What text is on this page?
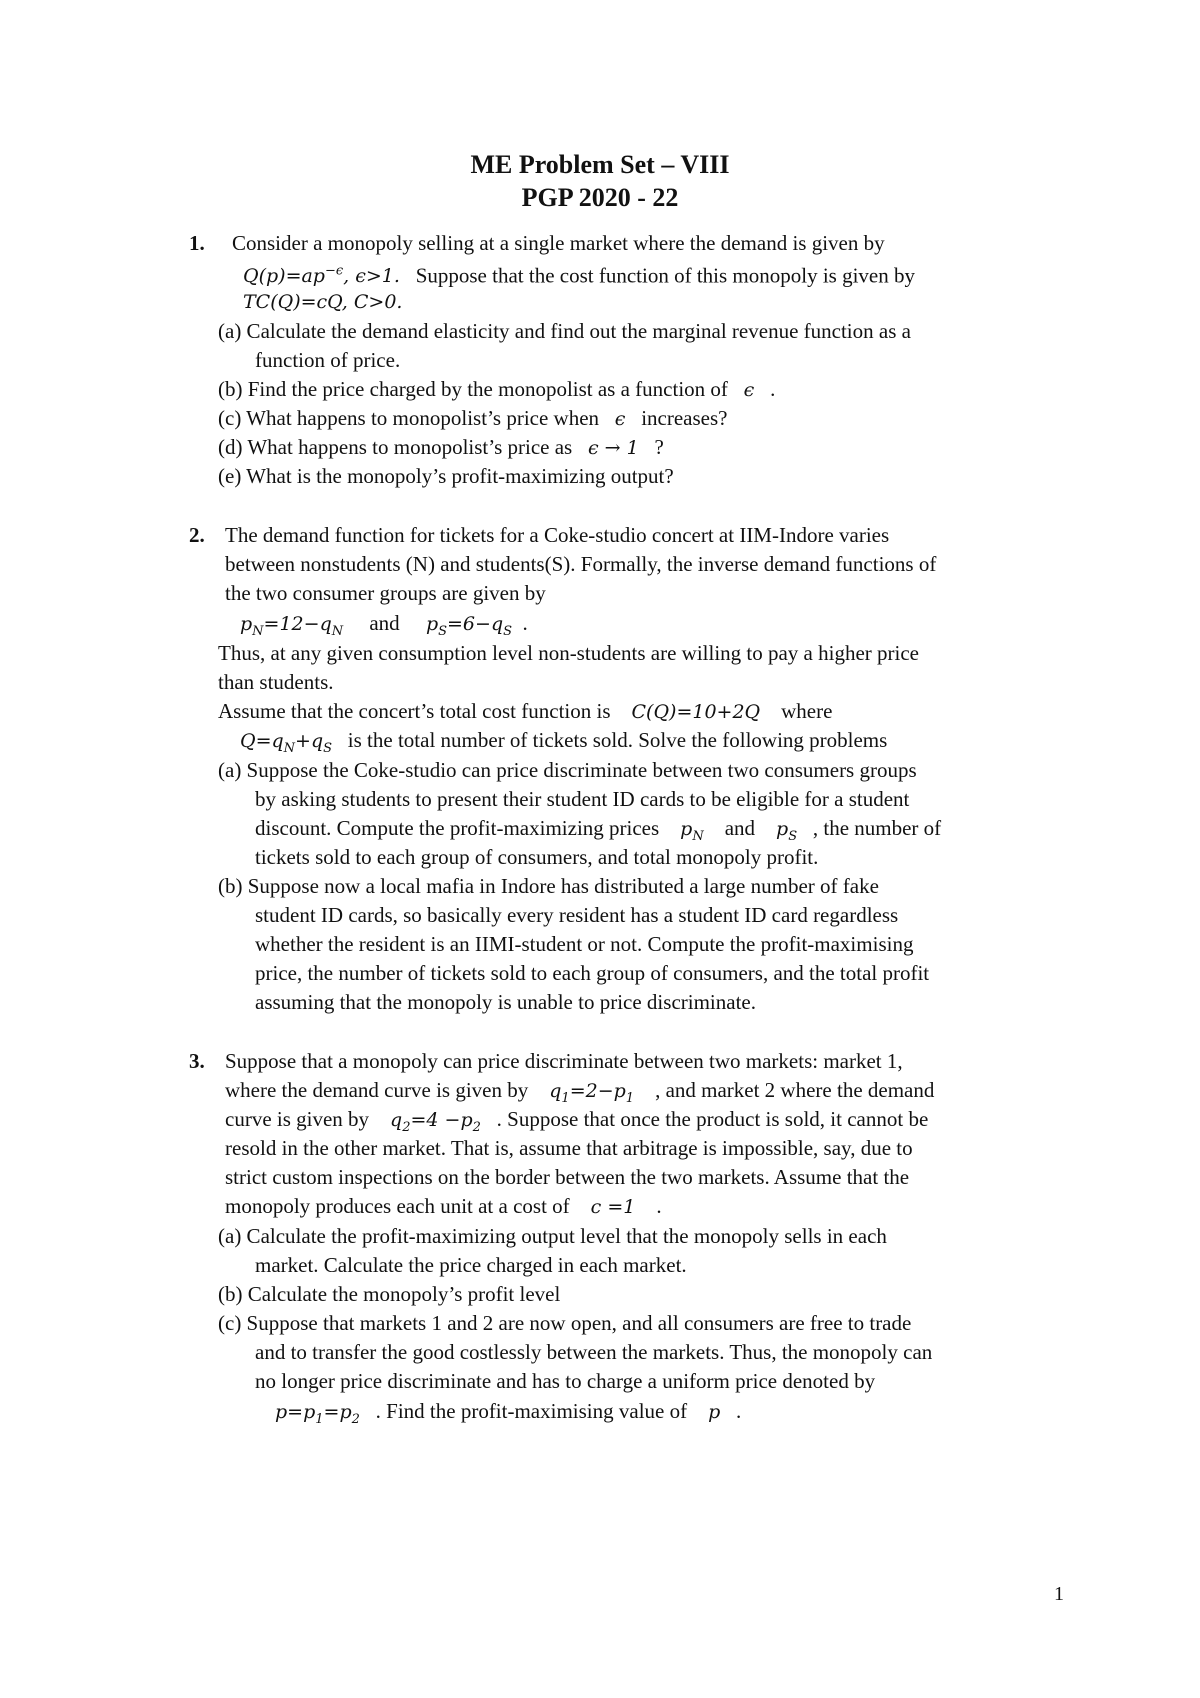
ME Problem Set – VIII
PGP 2020 - 22
1. Consider a monopoly selling at a single market where the demand is given by
$Q(p)=ap^{-\epsilon}$, ϵ>1. Suppose that the cost function of this monopoly is given by
TC(Q)=cQ, C>0.
(a) Calculate the demand elasticity and find out the marginal revenue function as a
function of price.
(b) Find the price charged by the monopolist as a function of ϵ .
(c) What happens to monopolist’s price when ϵ increases?
(d) What happens to monopolist’s price as ϵ → 1 ?
(e) What is the monopoly’s profit-maximizing output?
2. The demand function for tickets for a Coke-studio concert at IIM-Indore varies
between nonstudents (N) and students(S). Formally, the inverse demand functions of
the two consumer groups are given by
$p_N=12-q_N$ and $p_S=6-q_S$ .
Thus, at any given consumption level non-students are willing to pay a higher price
than students.
Assume that the concert’s total cost function is C(Q)=10+2Q where
$Q=q_N+q_S$ is the total number of tickets sold. Solve the following problems
(a) Suppose the Coke-studio can price discriminate between two consumers groups
by asking students to present their student ID cards to be eligible for a student
discount. Compute the profit-maximizing prices $p_N$ and $p_S$ , the number of
tickets sold to each group of consumers, and total monopoly profit.
(b) Suppose now a local mafia in Indore has distributed a large number of fake
student ID cards, so basically every resident has a student ID card regardless
whether the resident is an IIMI-student or not. Compute the profit-maximising
price, the number of tickets sold to each group of consumers, and the total profit
assuming that the monopoly is unable to price discriminate.
3. Suppose that a monopoly can price discriminate between two markets: market 1,
where the demand curve is given by $q_1=2-p_1$ , and market 2 where the demand
curve is given by $q_2=4 -p_2$ . Suppose that once the product is sold, it cannot be
resold in the other market. That is, assume that arbitrage is impossible, say, due to
strict custom inspections on the border between the two markets. Assume that the
monopoly produces each unit at a cost of c =1 .
(a) Calculate the profit-maximizing output level that the monopoly sells in each
market. Calculate the price charged in each market.
(b) Calculate the monopoly’s profit level
(c) Suppose that markets 1 and 2 are now open, and all consumers are free to trade
and to transfer the good costlessly between the markets. Thus, the monopoly can
no longer price discriminate and has to charge a uniform price denoted by
$p=p_1=p_2$ . Find the profit-maximising value of p .
1
